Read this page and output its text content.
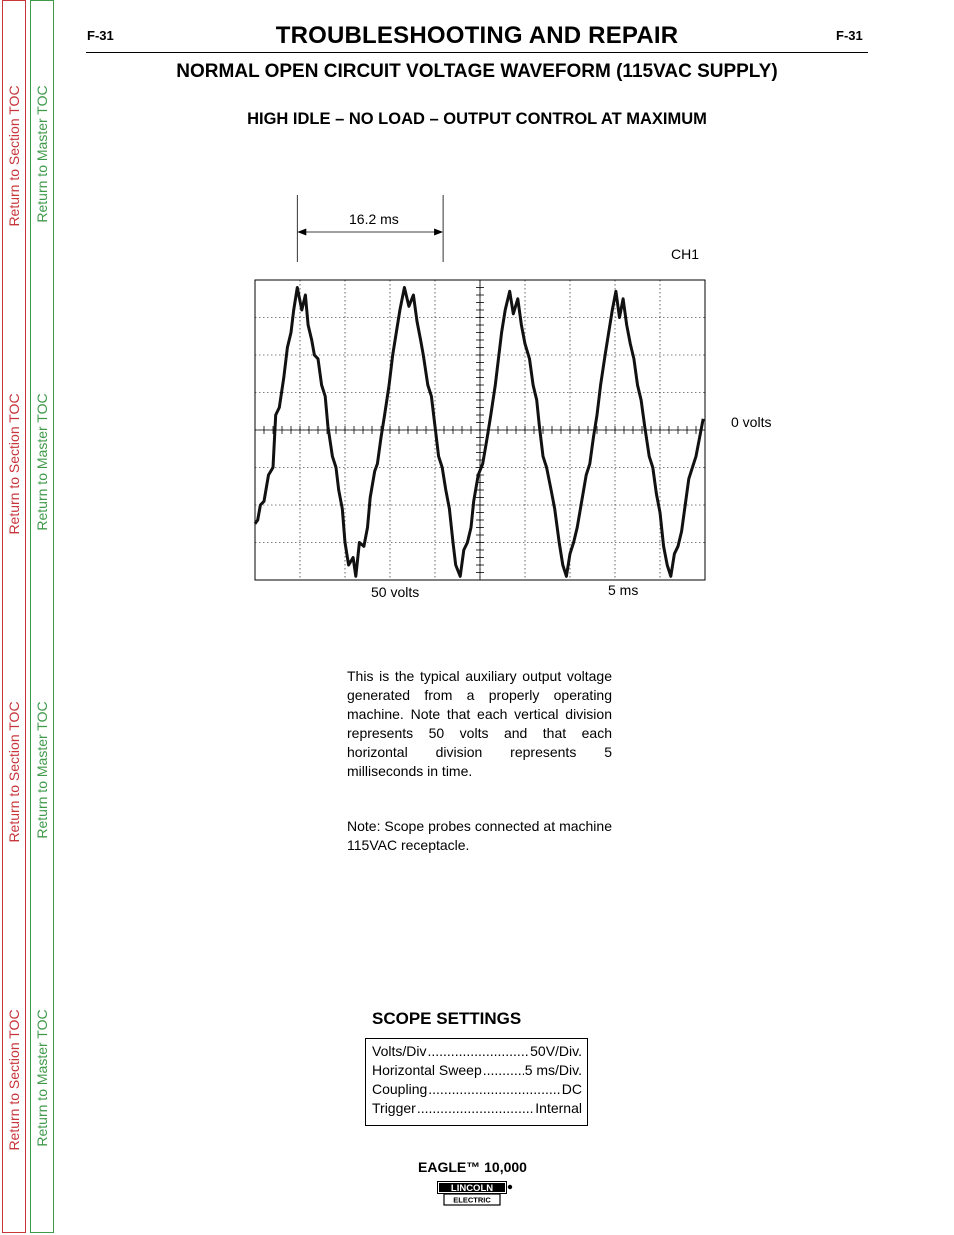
Return to Section TOC
Return to Section TOC
Return to Section TOC
Return to Section TOC
Return to Master TOC
Return to Master TOC
Return to Master TOC
Return to Master TOC
F-31	F-31
TROUBLESHOOTING AND REPAIR
NORMAL OPEN CIRCUIT VOLTAGE WAVEFORM (115VAC SUPPLY)
HIGH IDLE – NO LOAD – OUTPUT CONTROL AT MAXIMUM
16.2 ms
CH1
0 volts
50 volts	5 ms

This is the typical auxiliary output voltage generated from a properly operating machine. Note that each vertical division represents 50 volts and that each horizontal division represents 5 milliseconds in time.

Note: Scope probes connected at machine 115VAC receptacle.

SCOPE SETTINGS
Volts/Div .....	50V/Div.
Horizontal Sweep .....	5 ms/Div.
Coupling .....	DC
Trigger .....	Internal
EAGLE™ 10,000
LINCOLN
ELECTRIC
